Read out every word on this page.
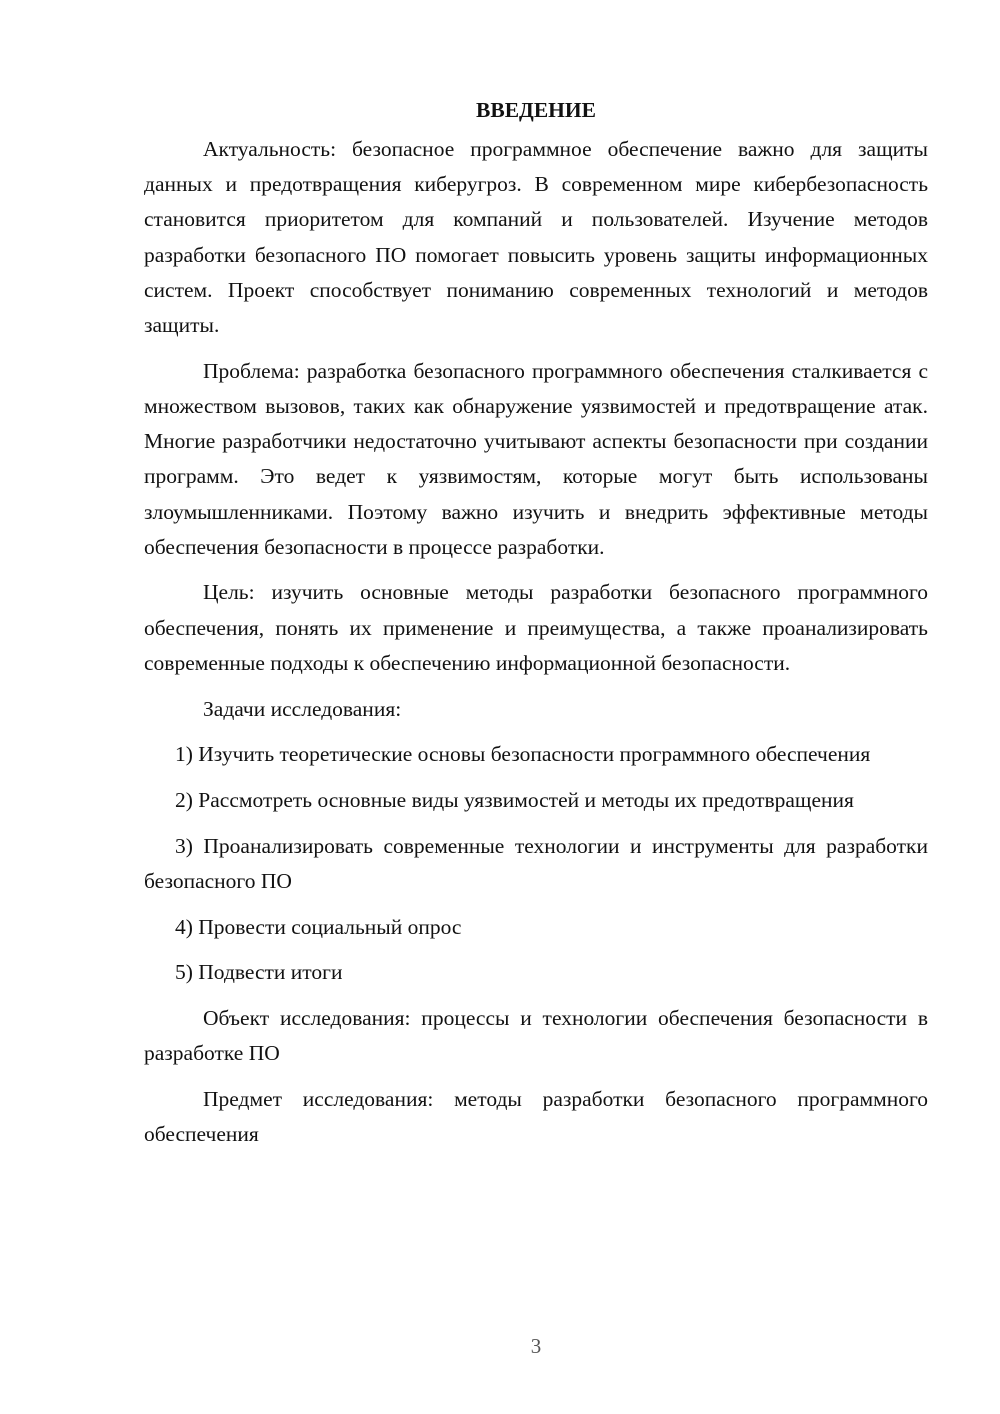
ВВЕДЕНИЕ

Актуальность: безопасное программное обеспечение важно для защиты данных и предотвращения киберугроз. В современном мире кибербезопасность становится приоритетом для компаний и пользователей. Изучение методов разработки безопасного ПО помогает повысить уровень защиты информационных систем. Проект способствует пониманию современных технологий и методов защиты.

Проблема: разработка безопасного программного обеспечения сталкивается с множеством вызовов, таких как обнаружение уязвимостей и предотвращение атак. Многие разработчики недостаточно учитывают аспекты безопасности при создании программ. Это ведет к уязвимостям, которые могут быть использованы злоумышленниками. Поэтому важно изучить и внедрить эффективные методы обеспечения безопасности в процессе разработки.

Цель: изучить основные методы разработки безопасного программного обеспечения, понять их применение и преимущества, а также проанализировать современные подходы к обеспечению информационной безопасности.

Задачи исследования:

1) Изучить теоретические основы безопасности программного обеспечения

2) Рассмотреть основные виды уязвимостей и методы их предотвращения

3) Проанализировать современные технологии и инструменты для разработки безопасного ПО

4) Провести социальный опрос

5) Подвести итоги

Объект исследования: процессы и технологии обеспечения безопасности в разработке ПО

Предмет исследования: методы разработки безопасного программного обеспечения

3
